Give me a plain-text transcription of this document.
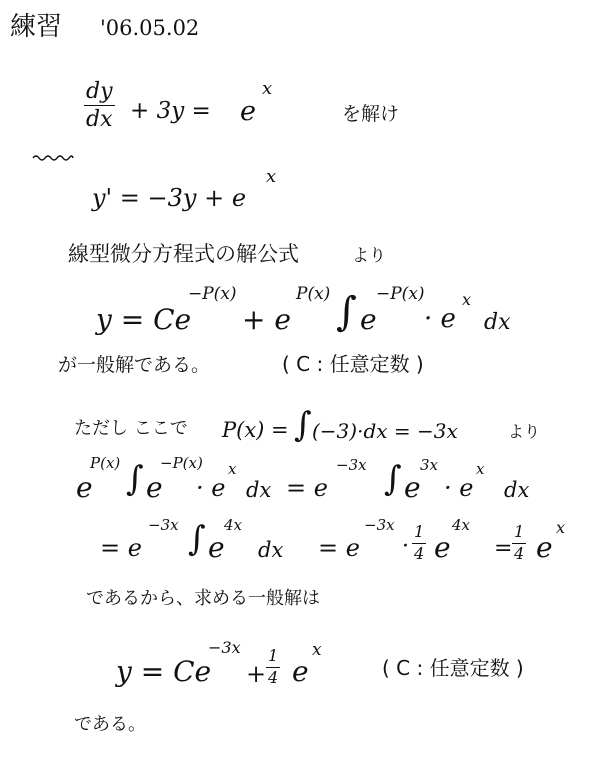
練習 '06.05.02
dy
dx + 3y = e
x
を解け
y' = −3y + e
x
線型微分方程式の解公式	より
y = Ce
−P(x)
+ e
P(x) ∫ e
−P(x)
· e
x
dx
が一般解である。	( C : 任意定数 )
ただし ここで P(x) = ∫ (−3)·dx = −3x	より
e
P(x) ∫ e
−P(x)
· e
x
dx = e
−3x ∫ e
3x
· e
x
dx
= e
−3x ∫ e
4x
dx = e
−3x
·
1
4 e
4x
=
1
4 e
x
であるから、求める一般解は
y = Ce
−3x
+
1
4 e
x
( C : 任意定数 )
である。
